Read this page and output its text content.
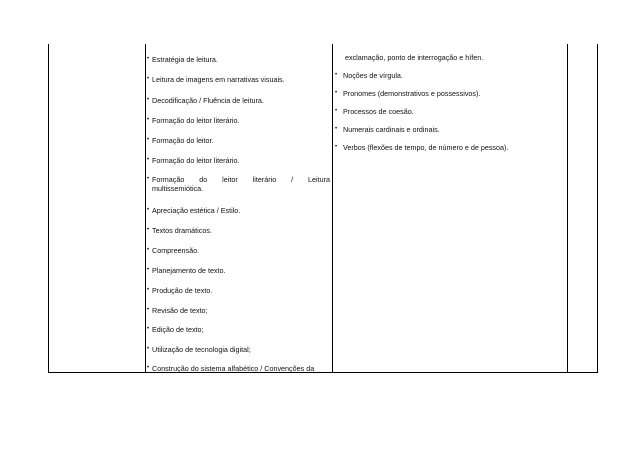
• Estratégia de leitura.
• Leitura de imagens em narrativas visuais.
• Decodificação / Fluência de leitura.
• Formação do leitor literário.
• Formação do leitor.
• Formação do leitor literário.
• Formação do leitor literário / Leitura
multissemiótica.
• Apreciação estética / Estilo.
• Textos dramáticos.
• Compreensão.
• Planejamento de texto.
• Produção de texto.
• Revisão de texto;
• Edição de texto;
• Utilização de tecnologia digital;
• Construção do sistema alfabético / Convenções da
exclamação, ponto de interrogação e hífen.
• Noções de vírgula.
• Pronomes (demonstrativos e possessivos).
• Processos de coesão.
• Numerais cardinais e ordinais.
• Verbos (flexões de tempo, de número e de pessoa).
